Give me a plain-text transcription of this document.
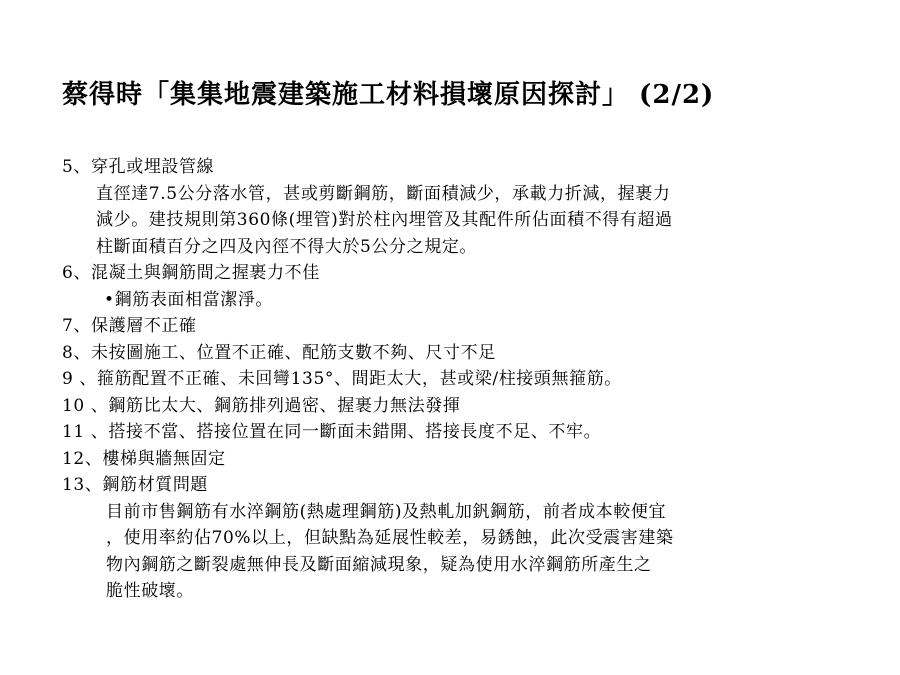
蔡得時「集集地震建築施工材料損壞原因探討」 (2/2)
5、穿孔或埋設管線
直徑達7.5公分落水管，甚或剪斷鋼筋，斷面積減少，承載力折減，握裹力
減少。建技規則第360條(埋管)對於柱內埋管及其配件所佔面積不得有超過
柱斷面積百分之四及內徑不得大於5公分之規定。
6、混凝土與鋼筋間之握裹力不佳
•鋼筋表面相當潔淨。
7、保護層不正確
8、未按圖施工、位置不正確、配筋支數不夠、尺寸不足
9 、箍筋配置不正確、未回彎135°、間距太大，甚或梁/柱接頭無箍筋。
10 、鋼筋比太大、鋼筋排列過密、握裹力無法發揮
11 、搭接不當、搭接位置在同一斷面未錯開、搭接長度不足、不牢。
12、樓梯與牆無固定
13、鋼筋材質問題
目前市售鋼筋有水淬鋼筋(熱處理鋼筋)及熱軋加釩鋼筋，前者成本較便宜
，使用率約佔70%以上，但缺點為延展性較差，易銹蝕，此次受震害建築
物內鋼筋之斷裂處無伸長及斷面縮減現象，疑為使用水淬鋼筋所產生之
脆性破壞。
